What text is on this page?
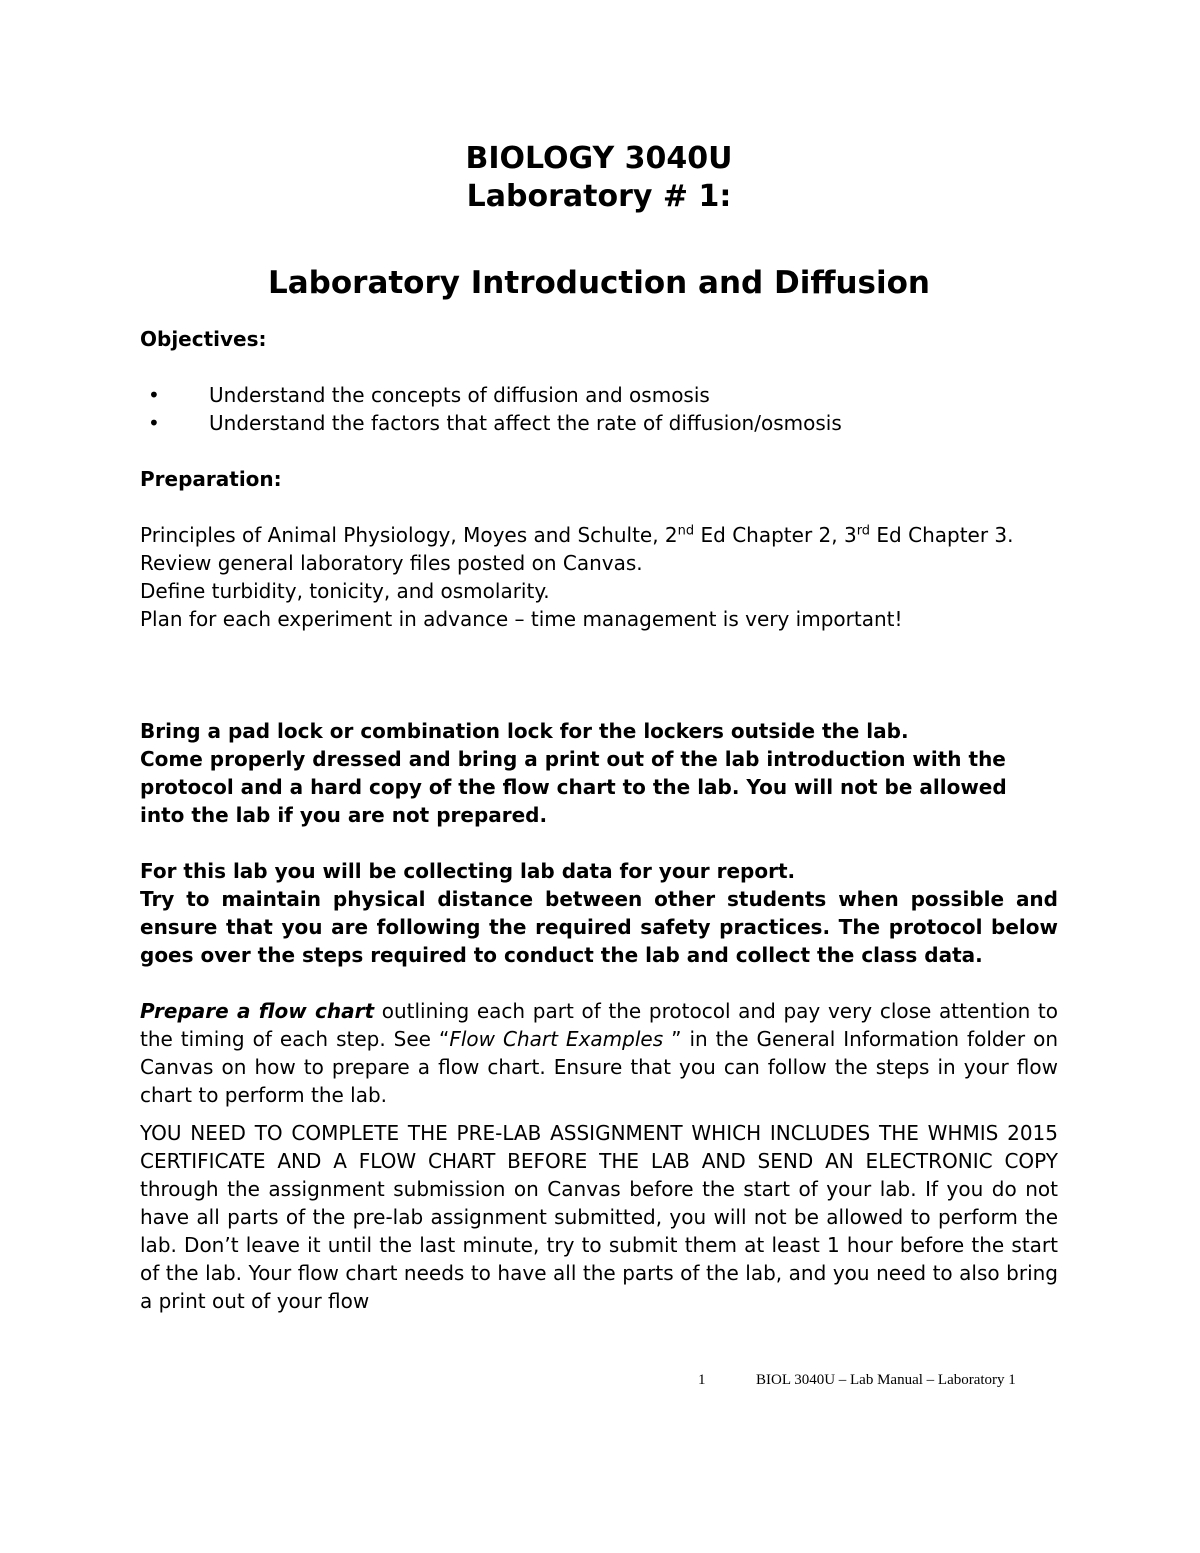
BIOLOGY 3040U

Laboratory # 1:

Laboratory Introduction and Diffusion

Objectives:

• Understand the concepts of diffusion and osmosis
• Understand the factors that affect the rate of diffusion/osmosis

Preparation:

Principles of Animal Physiology, Moyes and Schulte, 2nd Ed Chapter 2, 3rd Ed Chapter 3.

Review general laboratory files posted on Canvas.

Define turbidity, tonicity, and osmolarity.

Plan for each experiment in advance – time management is very important!

Bring a pad lock or combination lock for the lockers outside the lab.

Come properly dressed and bring a print out of the lab introduction with the protocol and a hard copy of the flow chart to the lab. You will not be allowed into the lab if you are not prepared.

For this lab you will be collecting lab data for your report.

Try to maintain physical distance between other students when possible and ensure that you are following the required safety practices. The protocol below goes over the steps required to conduct the lab and collect the class data.

Prepare a flow chart outlining each part of the protocol and pay very close attention to the timing of each step. See “Flow Chart Examples ” in the General Information folder on Canvas on how to prepare a flow chart. Ensure that you can follow the steps in your flow chart to perform the lab.

YOU NEED TO COMPLETE THE PRE-LAB ASSIGNMENT WHICH INCLUDES THE WHMIS 2015 CERTIFICATE AND A FLOW CHART BEFORE THE LAB AND SEND AN ELECTRONIC COPY through the assignment submission on Canvas before the start of your lab. If you do not have all parts of the pre-lab assignment submitted, you will not be allowed to perform the lab. Don’t leave it until the last minute, try to submit them at least 1 hour before the start of the lab. Your flow chart needs to have all the parts of the lab, and you need to also bring a print out of your flow

1	BIOL 3040U – Lab Manual – Laboratory 1
